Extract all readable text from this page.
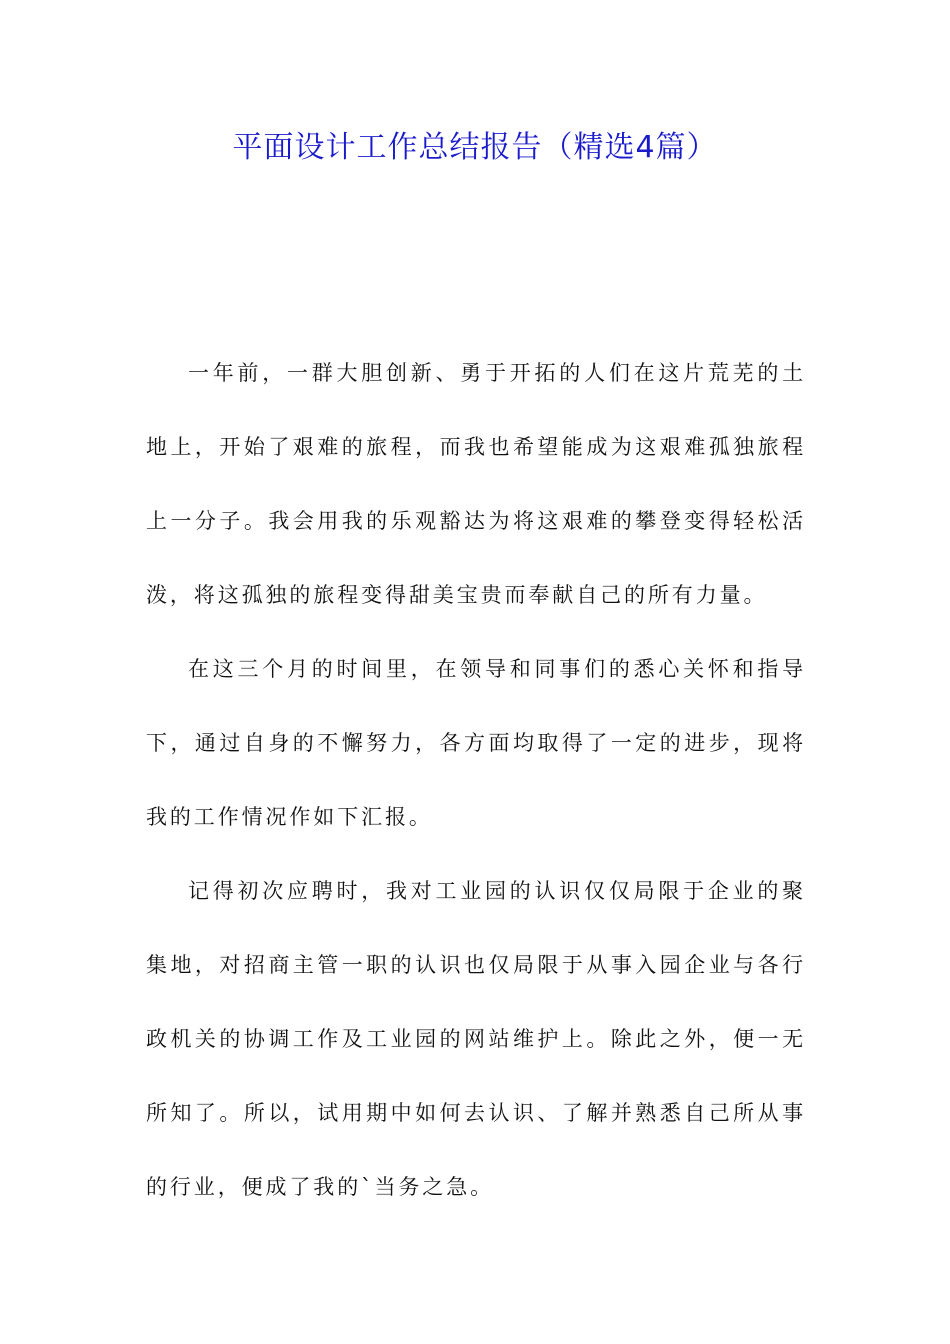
平面设计工作总结报告（精选4篇）

一年前，一群大胆创新、勇于开拓的人们在这片荒芜的土地上，开始了艰难的旅程，而我也希望能成为这艰难孤独旅程上一分子。我会用我的乐观豁达为将这艰难的攀登变得轻松活泼，将这孤独的旅程变得甜美宝贵而奉献自己的所有力量。

在这三个月的时间里，在领导和同事们的悉心关怀和指导下，通过自身的不懈努力，各方面均取得了一定的进步，现将我的工作情况作如下汇报。

记得初次应聘时，我对工业园的认识仅仅局限于企业的聚集地，对招商主管一职的认识也仅局限于从事入园企业与各行政机关的协调工作及工业园的网站维护上。除此之外，便一无所知了。所以，试用期中如何去认识、了解并熟悉自己所从事的行业，便成了我的`当务之急。
